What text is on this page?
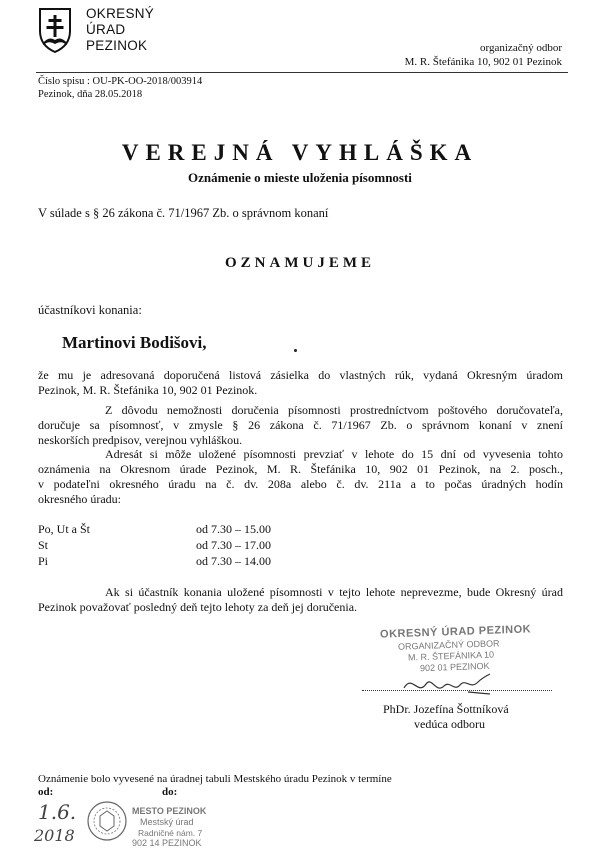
OKRESNÝ
ÚRAD
PEZINOK	organizačný odbor
M. R. Štefánika 10, 902 01 Pezinok
Číslo spisu : OU-PK-OO-2018/003914
Pezinok, dňa 28.05.2018
VEREJNÁ VYHLÁŠKA
Oznámenie o mieste uloženia písomnosti
V súlade s § 26 zákona č. 71/1967 Zb. o správnom konaní
OZNAMUJEME
účastníkovi konania:
Martinovi Bodišovi,
že mu je adresovaná doporučená listová zásielka do vlastných rúk, vydaná Okresným úradom
Pezinok, M. R. Štefánika 10, 902 01 Pezinok.
Z dôvodu nemožnosti doručenia písomnosti prostredníctvom poštového doručovateľa,
doručuje sa písomnosť, v zmysle § 26 zákona č. 71/1967 Zb. o správnom konaní v znení
neskorších predpisov, verejnou vyhláškou.
Adresát si môže uložené písomnosti prevziať v lehote do 15 dní od vyvesenia tohto
oznámenia na Okresnom úrade Pezinok, M. R. Štefánika 10, 902 01 Pezinok, na 2. posch.,
v podateľni okresného úradu na č. dv. 208a alebo č. dv. 211a a to počas úradných hodín
okresného úradu:
Po, Ut a Št	od 7.30 – 15.00
St	od 7.30 – 17.00
Pi	od 7.30 – 14.00
Ak si účastník konania uložené písomnosti v tejto lehote neprevezme, bude Okresný úrad
Pezinok považovať posledný deň tejto lehoty za deň jej doručenia.
OKRESNÝ ÚRAD PEZINOK
ORGANIZAČNÝ ODBOR
M. R. ŠTEFÁNIKA 10
902 01 PEZINOK
PhDr. Jozefína Šottníková
vedúca odboru
Oznámenie bolo vyvesené na úradnej tabuli Mestského úradu Pezinok v termíne
od:	do:
1.6.
2018
MESTO PEZINOK
Mestský úrad
Radničné nám. 7
902 14 PEZINOK
